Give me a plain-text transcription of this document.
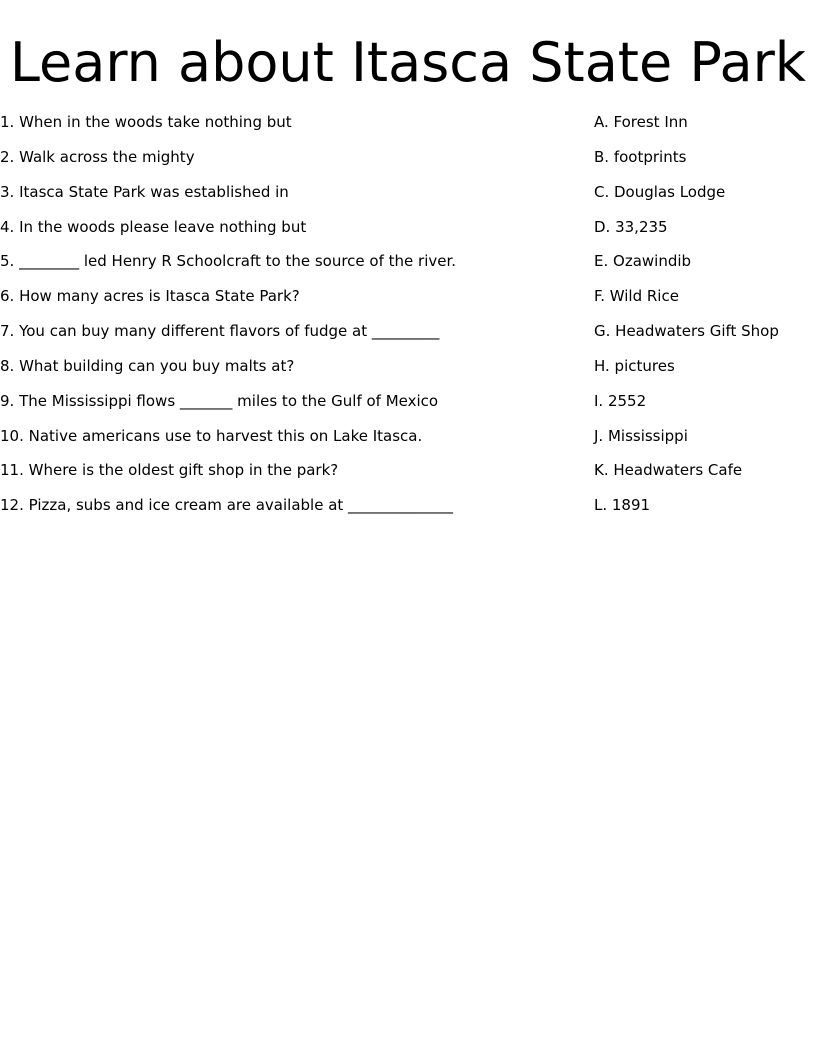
Learn about Itasca State Park
1. When in the woods take nothing but
2. Walk across the mighty
3. Itasca State Park was established in
4. In the woods please leave nothing but
5. ________ led Henry R Schoolcraft to the source of the river.
6. How many acres is Itasca State Park?
7. You can buy many different flavors of fudge at _________
8. What building can you buy malts at?
9. The Mississippi flows _______ miles to the Gulf of Mexico
10. Native americans use to harvest this on Lake Itasca.
11. Where is the oldest gift shop in the park?
12. Pizza, subs and ice cream are available at ______________
A. Forest Inn
B. footprints
C. Douglas Lodge
D. 33,235
E. Ozawindib
F. Wild Rice
G. Headwaters Gift Shop
H. pictures
I. 2552
J. Mississippi
K. Headwaters Cafe
L. 1891
